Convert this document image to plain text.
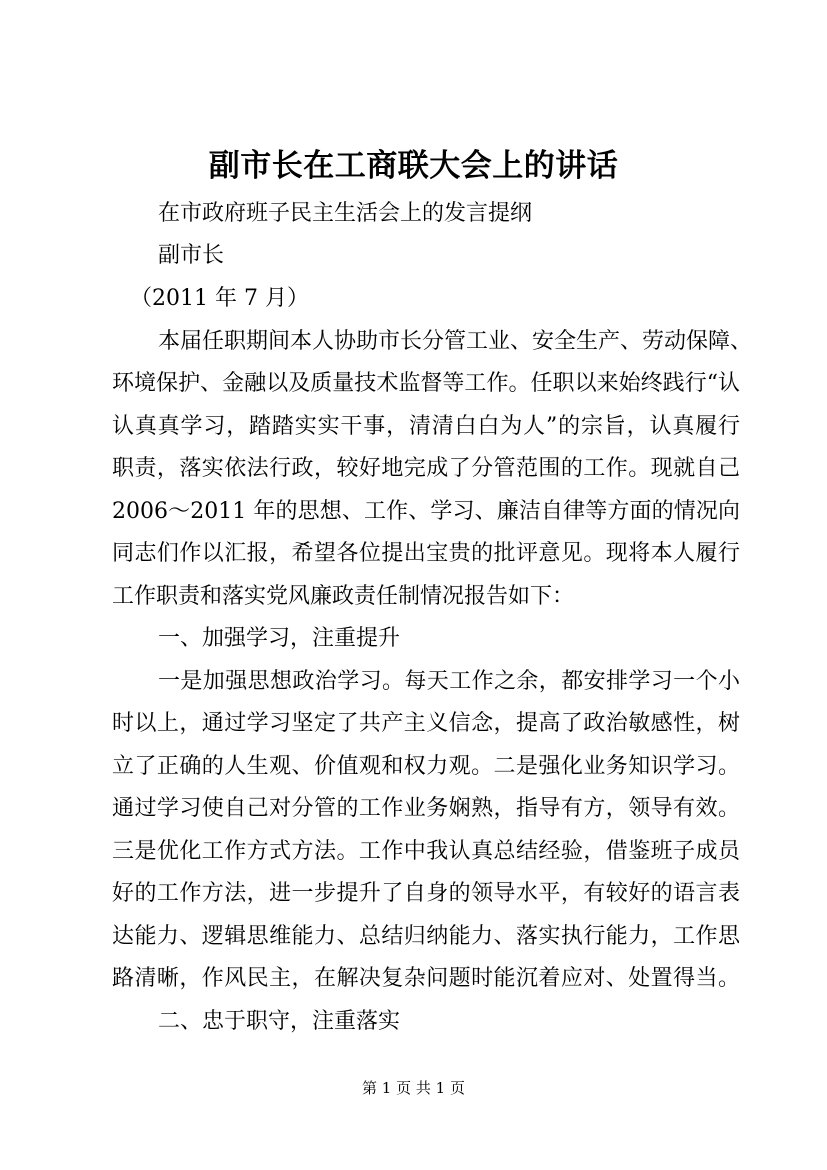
副市长在工商联大会上的讲话
在市政府班子民主生活会上的发言提纲
副市长
（2011 年 7 月）
本届任职期间本人协助市长分管工业、安全生产、劳动保障、
环境保护、金融以及质量技术监督等工作。任职以来始终践行“认
认真真学习，踏踏实实干事，清清白白为人”的宗旨，认真履行
职责，落实依法行政，较好地完成了分管范围的工作。现就自己
2006～2011 年的思想、工作、学习、廉洁自律等方面的情况向
同志们作以汇报，希望各位提出宝贵的批评意见。现将本人履行
工作职责和落实党风廉政责任制情况报告如下：
一、加强学习，注重提升
一是加强思想政治学习。每天工作之余，都安排学习一个小
时以上，通过学习坚定了共产主义信念，提高了政治敏感性，树
立了正确的人生观、价值观和权力观。二是强化业务知识学习。
通过学习使自己对分管的工作业务娴熟，指导有方，领导有效。
三是优化工作方式方法。工作中我认真总结经验，借鉴班子成员
好的工作方法，进一步提升了自身的领导水平，有较好的语言表
达能力、逻辑思维能力、总结归纳能力、落实执行能力，工作思
路清晰，作风民主，在解决复杂问题时能沉着应对、处置得当。
二、忠于职守，注重落实
第 1 页 共 1 页
